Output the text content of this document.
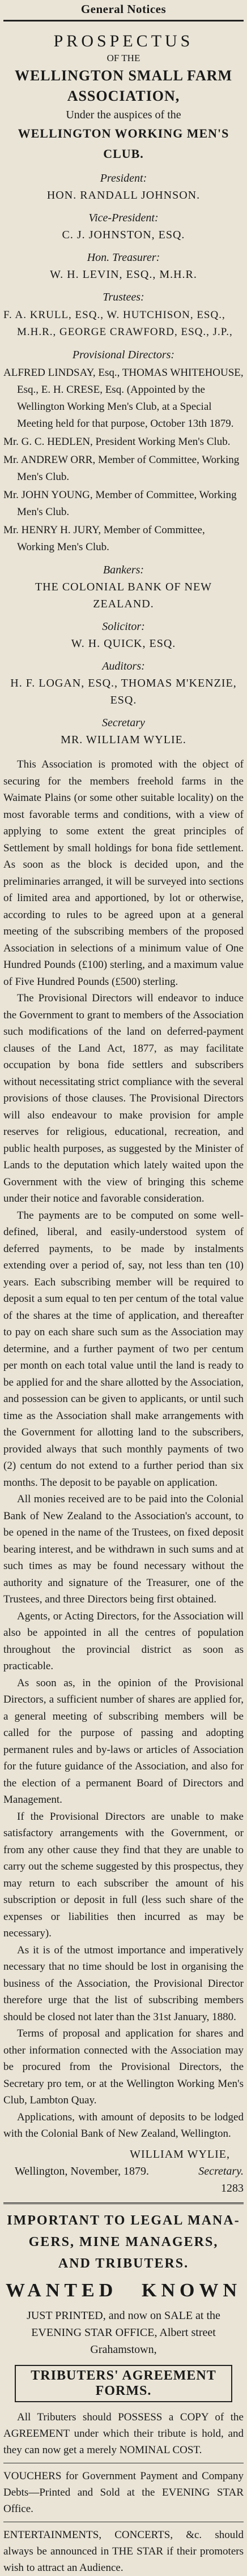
General Notices
PROSPECTUS
OF THE
WELLINGTON SMALL FARM
ASSOCIATION,
Under the auspices of the
WELLINGTON WORKING MEN'S CLUB.
President:
HON. RANDALL JOHNSON.
Vice-President:
C. J. JOHNSTON, ESQ.
Hon. Treasurer:
W. H. LEVIN, ESQ., M.H.R.
Trustees:
F. A. KRULL, ESQ., W. HUTCHISON, ESQ., M.H.R., GEORGE CRAWFORD, ESQ., J.P.,
Provisional Directors:
ALFRED LINDSAY, Esq., THOMAS WHITEHOUSE, Esq., E. H. CRESE, Esq. (Appointed by the Wellington Working Men's Club, at a Special Meeting held for that purpose, October 13th 1879.
Mr. G. C. HEDLEN, President Working Men's Club.
Mr. ANDREW ORR, Member of Committee, Working Men's Club.
Mr. JOHN YOUNG, Member of Committee, Working Men's Club.
Mr. HENRY H. JURY, Member of Committee, Working Men's Club.
Bankers:
THE COLONIAL BANK OF NEW ZEALAND.
Solicitor:
W. H. QUICK, ESQ.
Auditors:
H. F. LOGAN, ESQ., THOMAS M'KENZIE, ESQ.
Secretary
MR. WILLIAM WYLIE.

This Association is promoted with the object of securing for the members freehold farms in the Waimate Plains (or some other suitable locality) on the most favorable terms and conditions, with a view of applying to some extent the great principles of Settlement by small holdings for bona fide settlement. As soon as the block is decided upon, and the preliminaries arranged, it will be surveyed into sections of limited area and apportioned, by lot or otherwise, according to rules to be agreed upon at a general meeting of the subscribing members of the proposed Association in selections of a minimum value of One Hundred Pounds (£100) sterling, and a maximum value of Five Hundred Pounds (£500) sterling.

The Provisional Directors will endeavor to induce the Government to grant to members of the Association such modifications of the land on deferred-payment clauses of the Land Act, 1877, as may facilitate occupation by bona fide settlers and subscribers without necessitating strict compliance with the several provisions of those clauses. The Provisional Directors will also endeavour to make provision for ample reserves for religious, educational, recreation, and public health purposes, as suggested by the Minister of Lands to the deputation which lately waited upon the Government with the view of bringing this scheme under their notice and favorable consideration.

The payments are to be computed on some well-defined, liberal, and easily-understood system of deferred payments, to be made by instalments extending over a period of, say, not less than ten (10) years. Each subscribing member will be required to deposit a sum equal to ten per centum of the total value of the shares at the time of application, and thereafter to pay on each share such sum as the Association may determine, and a further payment of two per centum per month on each total value until the land is ready to be applied for and the share allotted by the Association, and possession can be given to applicants, or until such time as the Association shall make arrangements with the Government for allotting land to the subscribers, provided always that such monthly payments of two (2) centum do not extend to a further period than six months. The deposit to be payable on application.

All monies received are to be paid into the Colonial Bank of New Zealand to the Association's account, to be opened in the name of the Trustees, on fixed deposit bearing interest, and be withdrawn in such sums and at such times as may be found necessary without the authority and signature of the Treasurer, one of the Trustees, and three Directors being first obtained.

Agents, or Acting Directors, for the Association will also be appointed in all the centres of population throughout the provincial district as soon as practicable.

As soon as, in the opinion of the Provisional Directors, a sufficient number of shares are applied for, a general meeting of subscribing members will be called for the purpose of passing and adopting permanent rules and by-laws or articles of Association for the future guidance of the Association, and also for the election of a permanent Board of Directors and Management.

If the Provisional Directors are unable to make satisfactory arrangements with the Government, or from any other cause they find that they are unable to carry out the scheme suggested by this prospectus, they may return to each subscriber the amount of his subscription or deposit in full (less such share of the expenses or liabilities then incurred as may be necessary).

As it is of the utmost importance and imperatively necessary that no time should be lost in organising the business of the Association, the Provisional Director therefore urge that the list of subscribing members should be closed not later than the 31st January, 1880.

Terms of proposal and application for shares and other information connected with the Association may be procured from the Provisional Directors, the Secretary pro tem, or at the Wellington Working Men's Club, Lambton Quay.

Applications, with amount of deposits to be lodged with the Colonial Bank of New Zealand, Wellington.

WILLIAM WYLIE,
Wellington, November, 1879.	Secretary.
1283
IMPORTANT TO LEGAL MANA-
GERS, MINE MANAGERS,
AND TRIBUTERS.
WANTED KNOWN
JUST PRINTED, and now on SALE at the EVENING STAR OFFICE, Albert street Grahamstown,
TRIBUTERS' AGREEMENT FORMS.

All Tributers should POSSESS a COPY of the AGREEMENT under which their tribute is hold, and they can now get a merely NOMINAL COST.

VOUCHERS for Government Payment and Company Debts—Printed and Sold at the EVENING STAR Office.

ENTERTAINMENTS, CONCERTS, &c. should always be announced in THE STAR if their promoters wish to attract an Audience.
